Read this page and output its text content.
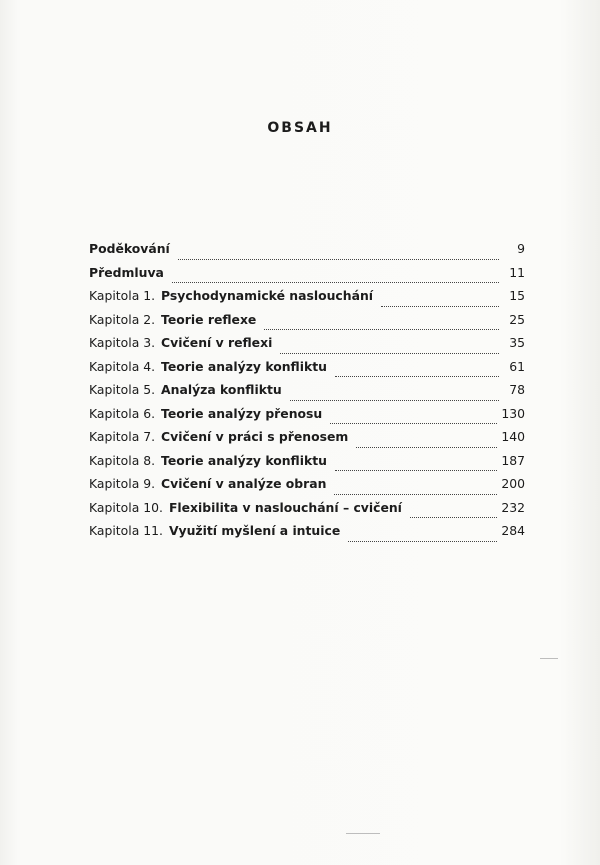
OBSAH
Poděkování	9
Předmluva	11
Kapitola 1. Psychodynamické naslouchání	15
Kapitola 2. Teorie reflexe	25
Kapitola 3. Cvičení v reflexi	35
Kapitola 4. Teorie analýzy konfliktu	61
Kapitola 5. Analýza konfliktu	78
Kapitola 6. Teorie analýzy přenosu	130
Kapitola 7. Cvičení v práci s přenosem	140
Kapitola 8. Teorie analýzy konfliktu	187
Kapitola 9. Cvičení v analýze obran	200
Kapitola 10. Flexibilita v naslouchání – cvičení	232
Kapitola 11. Využití myšlení a intuice	284
